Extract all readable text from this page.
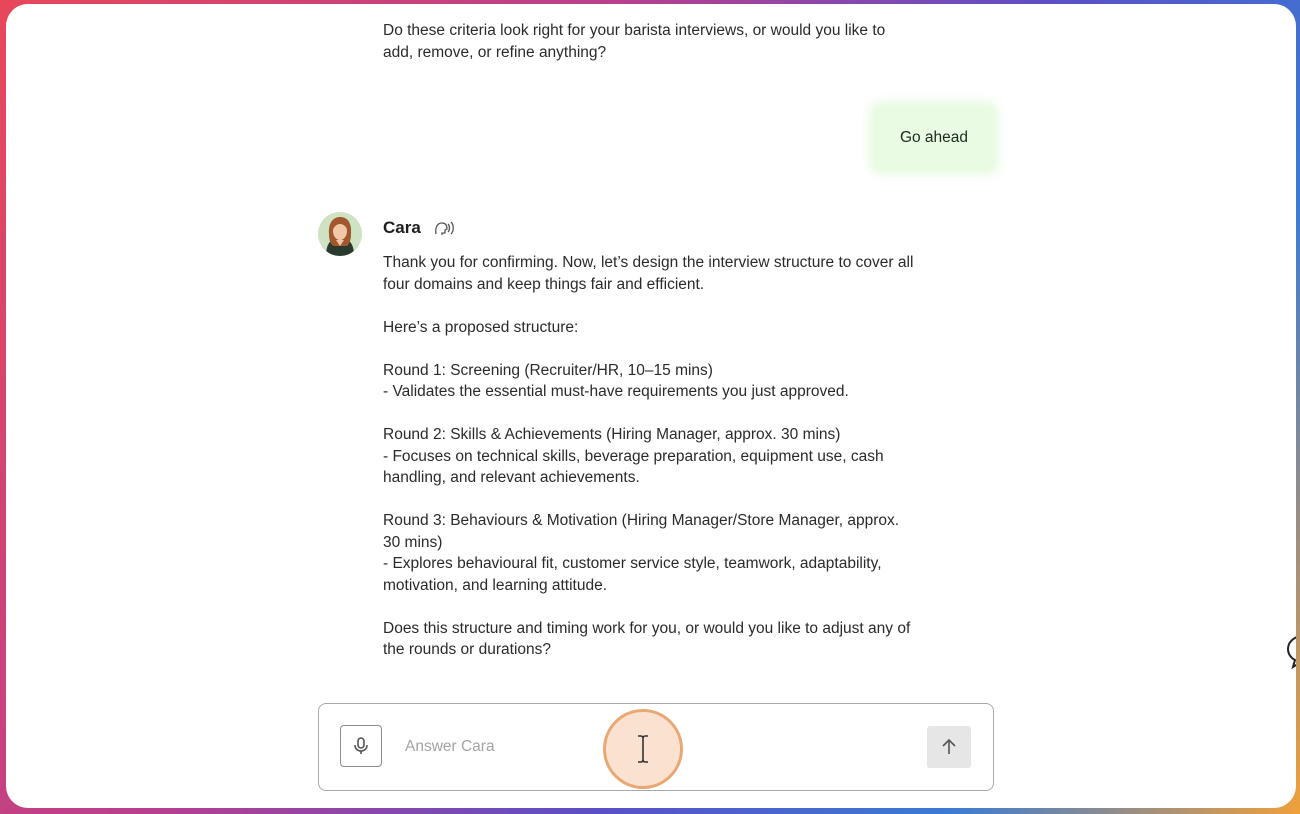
Do these criteria look right for your barista interviews, or would you like to
add, remove, or refine anything?
Go ahead
Cara
Thank you for confirming. Now, let’s design the interview structure to cover all
four domains and keep things fair and efficient.

Here’s a proposed structure:

Round 1: Screening (Recruiter/HR, 10–15 mins)
- Validates the essential must-have requirements you just approved.

Round 2: Skills & Achievements (Hiring Manager, approx. 30 mins)
- Focuses on technical skills, beverage preparation, equipment use, cash
handling, and relevant achievements.

Round 3: Behaviours & Motivation (Hiring Manager/Store Manager, approx.
30 mins)
- Explores behavioural fit, customer service style, teamwork, adaptability,
motivation, and learning attitude.

Does this structure and timing work for you, or would you like to adjust any of
the rounds or durations?
Answer Cara
